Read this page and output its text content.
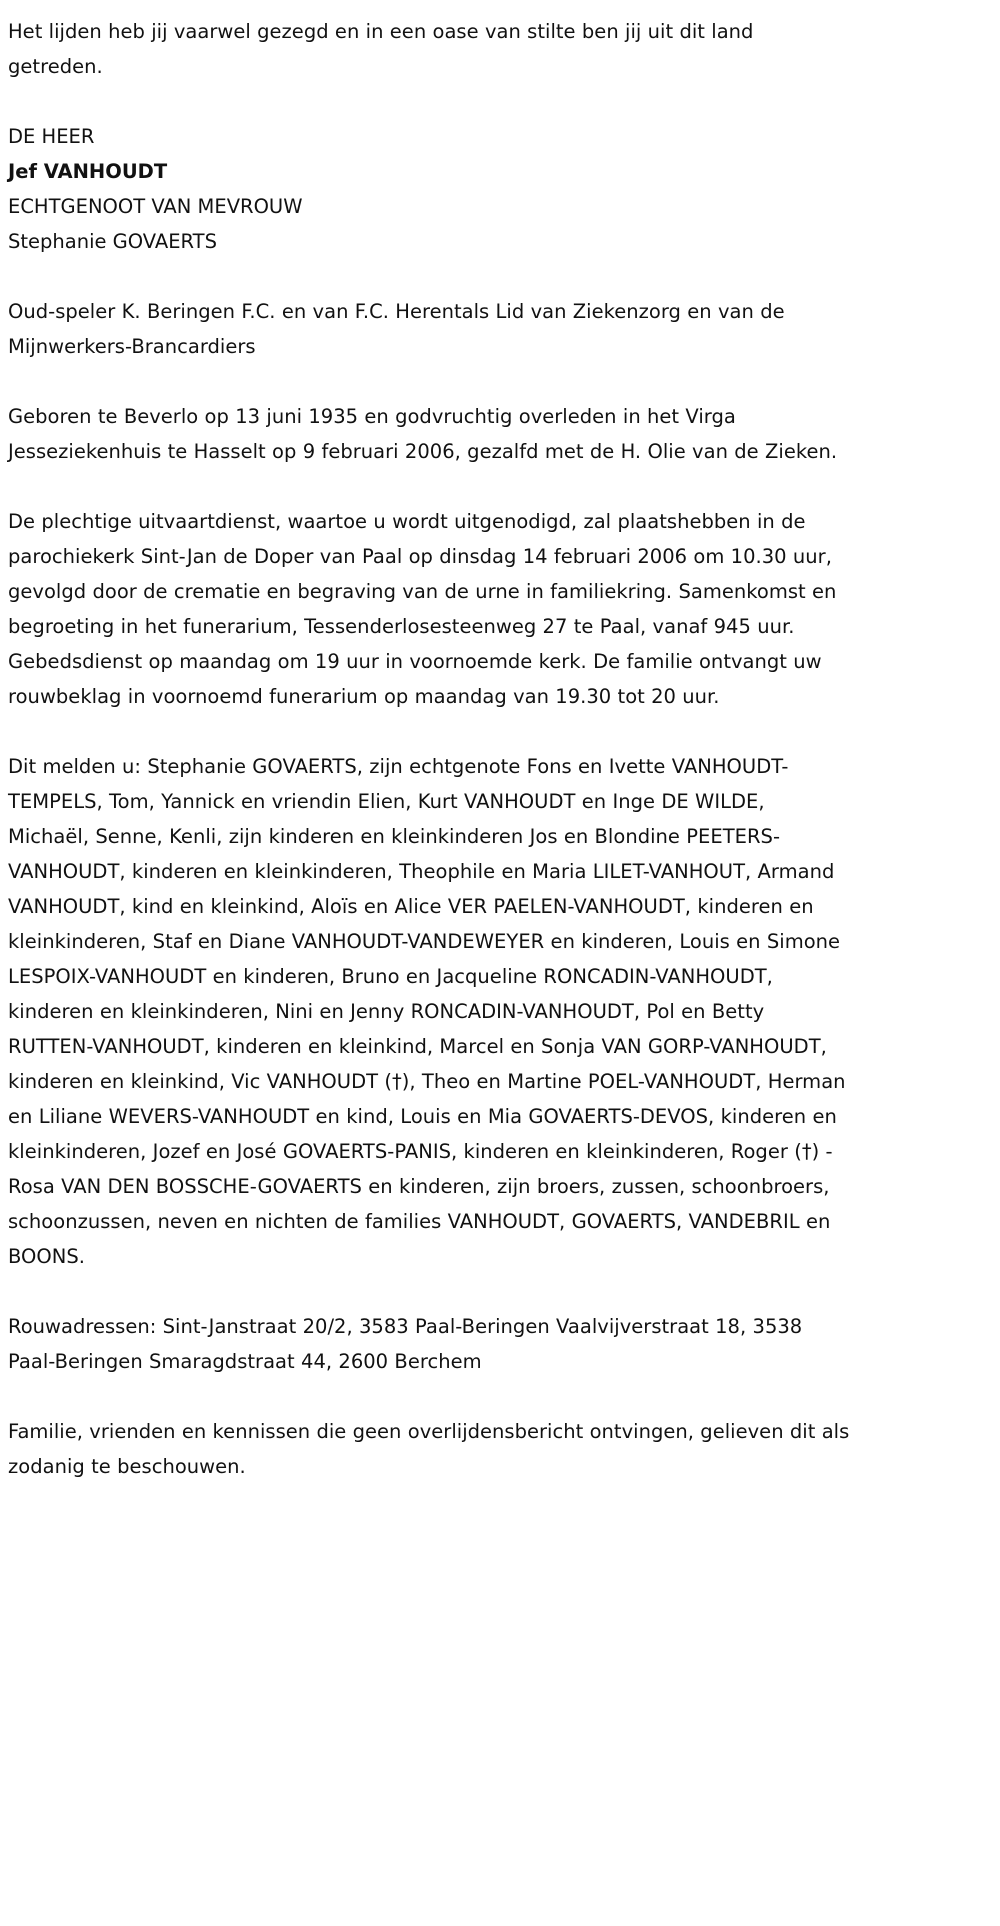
Het lijden heb jij vaarwel gezegd en in een oase van stilte ben jij uit dit land getreden.

DE HEER

Jef VANHOUDT

ECHTGENOOT VAN MEVROUW

Stephanie GOVAERTS

Oud-speler K. Beringen F.C. en van F.C. Herentals Lid van Ziekenzorg en van de Mijnwerkers-Brancardiers

Geboren te Beverlo op 13 juni 1935 en godvruchtig overleden in het Virga Jesseziekenhuis te Hasselt op 9 februari 2006, gezalfd met de H. Olie van de Zieken.

De plechtige uitvaartdienst, waartoe u wordt uitgenodigd, zal plaatshebben in de parochiekerk Sint-Jan de Doper van Paal op dinsdag 14 februari 2006 om 10.30 uur, gevolgd door de crematie en begraving van de urne in familiekring. Samenkomst en begroeting in het funerarium, Tessenderlosesteenweg 27 te Paal, vanaf 945 uur. Gebedsdienst op maandag om 19 uur in voornoemde kerk. De familie ontvangt uw rouwbeklag in voornoemd funerarium op maandag van 19.30 tot 20 uur.

Dit melden u: Stephanie GOVAERTS, zijn echtgenote Fons en Ivette VANHOUDT-TEMPELS, Tom, Yannick en vriendin Elien, Kurt VANHOUDT en Inge DE WILDE, Michaël, Senne, Kenli, zijn kinderen en kleinkinderen Jos en Blondine PEETERS-VANHOUDT, kinderen en kleinkinderen, Theophile en Maria LILET-VANHOUT, Armand VANHOUDT, kind en kleinkind, Aloïs en Alice VER PAELEN-VANHOUDT, kinderen en kleinkinderen, Staf en Diane VANHOUDT-VANDEWEYER en kinderen, Louis en Simone LESPOIX-VANHOUDT en kinderen, Bruno en Jacqueline RONCADIN-VANHOUDT, kinderen en kleinkinderen, Nini en Jenny RONCADIN-VANHOUDT, Pol en Betty RUTTEN-VANHOUDT, kinderen en kleinkind, Marcel en Sonja VAN GORP-VANHOUDT, kinderen en kleinkind, Vic VANHOUDT (†), Theo en Martine POEL-VANHOUDT, Herman en Liliane WEVERS-VANHOUDT en kind, Louis en Mia GOVAERTS-DEVOS, kinderen en kleinkinderen, Jozef en José GOVAERTS-PANIS, kinderen en kleinkinderen, Roger (†) - Rosa VAN DEN BOSSCHE-GOVAERTS en kinderen, zijn broers, zussen, schoonbroers, schoonzussen, neven en nichten de families VANHOUDT, GOVAERTS, VANDEBRIL en BOONS.

Rouwadressen: Sint-Janstraat 20/2, 3583 Paal-Beringen Vaalvijverstraat 18, 3538 Paal-Beringen Smaragdstraat 44, 2600 Berchem

Familie, vrienden en kennissen die geen overlijdensbericht ontvingen, gelieven dit als zodanig te beschouwen.
